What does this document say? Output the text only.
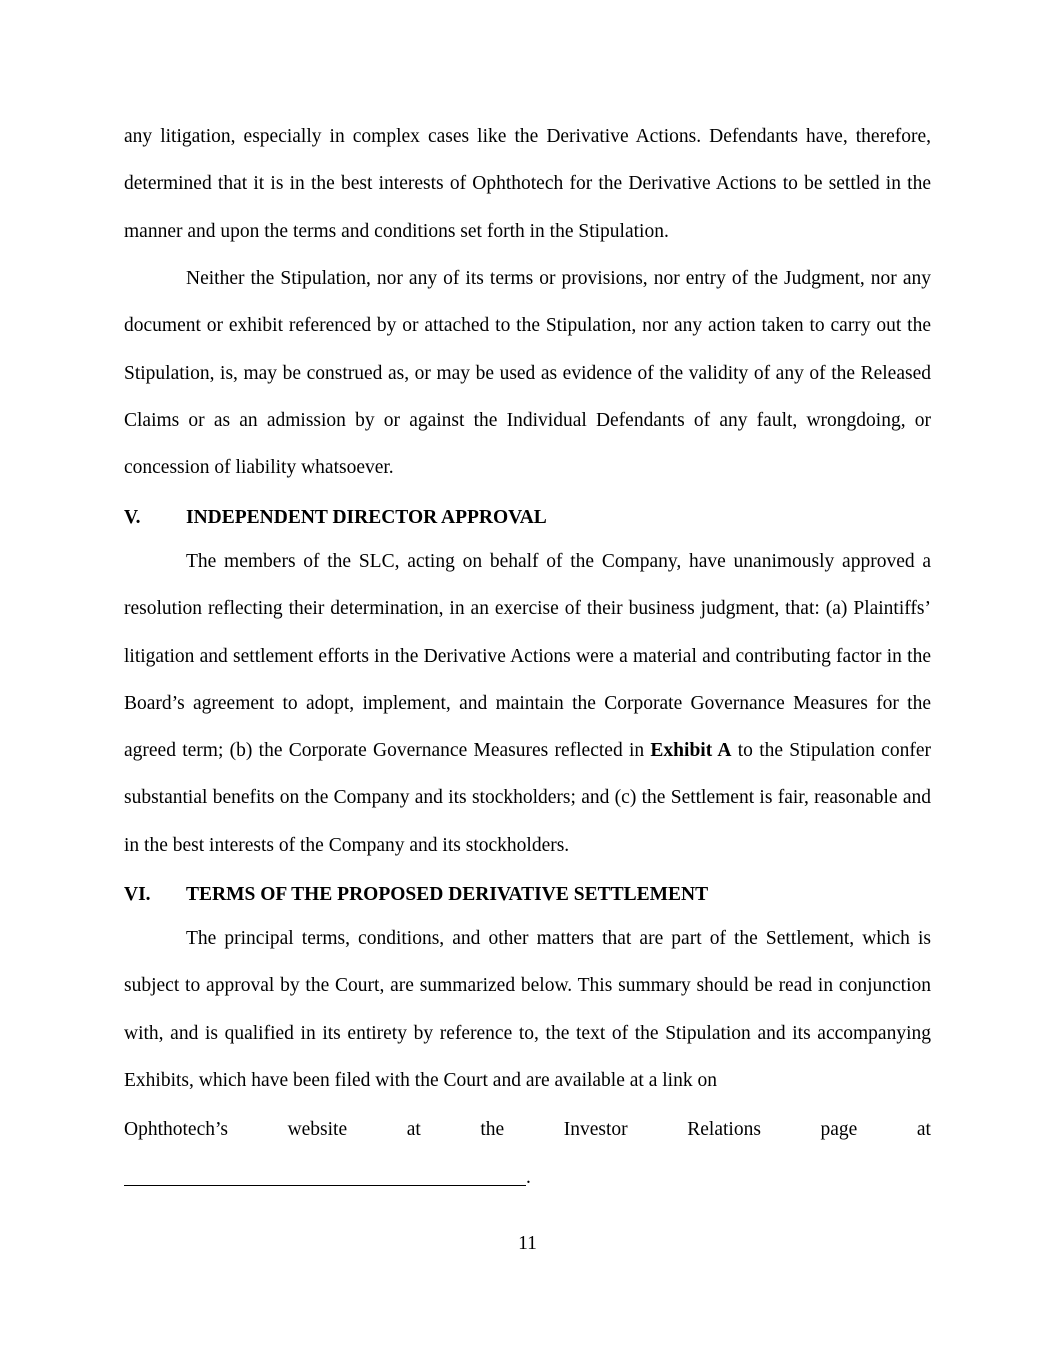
any litigation, especially in complex cases like the Derivative Actions. Defendants have, therefore, determined that it is in the best interests of Ophthotech for the Derivative Actions to be settled in the manner and upon the terms and conditions set forth in the Stipulation.

Neither the Stipulation, nor any of its terms or provisions, nor entry of the Judgment, nor any document or exhibit referenced by or attached to the Stipulation, nor any action taken to carry out the Stipulation, is, may be construed as, or may be used as evidence of the validity of any of the Released Claims or as an admission by or against the Individual Defendants of any fault, wrongdoing, or concession of liability whatsoever.

V. INDEPENDENT DIRECTOR APPROVAL

The members of the SLC, acting on behalf of the Company, have unanimously approved a resolution reflecting their determination, in an exercise of their business judgment, that: (a) Plaintiffs’ litigation and settlement efforts in the Derivative Actions were a material and contributing factor in the Board’s agreement to adopt, implement, and maintain the Corporate Governance Measures for the agreed term; (b) the Corporate Governance Measures reflected in Exhibit A to the Stipulation confer substantial benefits on the Company and its stockholders; and (c) the Settlement is fair, reasonable and in the best interests of the Company and its stockholders.

VI. TERMS OF THE PROPOSED DERIVATIVE SETTLEMENT

The principal terms, conditions, and other matters that are part of the Settlement, which is subject to approval by the Court, are summarized below. This summary should be read in conjunction with, and is qualified in its entirety by reference to, the text of the Stipulation and its accompanying Exhibits, which have been filed with the Court and are available at a link on

Ophthotech’s	website	at	the	Investor	Relations	page	at
.
11
